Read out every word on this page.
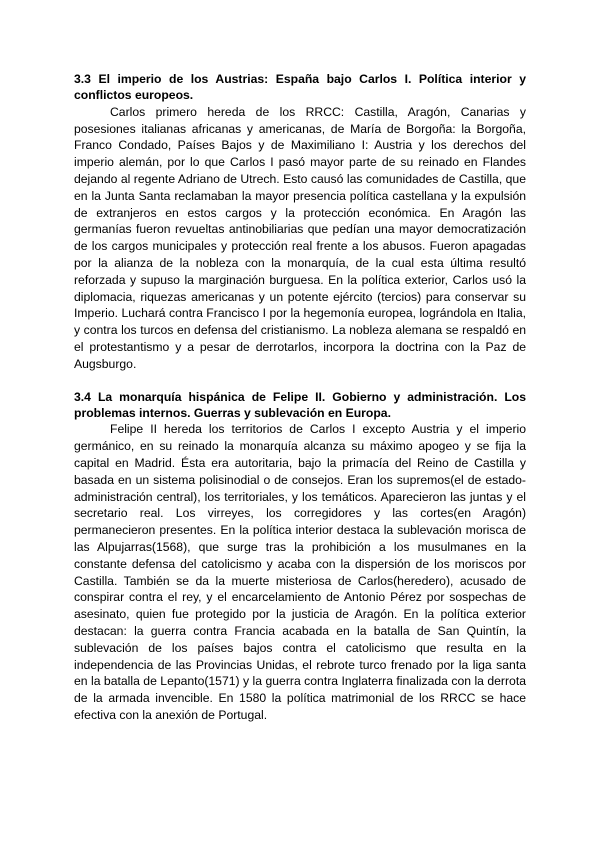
3.3 El imperio de los Austrias: España bajo Carlos I. Política interior y conflictos europeos.

Carlos primero hereda de los RRCC: Castilla, Aragón, Canarias y posesiones italianas africanas y americanas, de María de Borgoña: la Borgoña, Franco Condado, Países Bajos y de Maximiliano I: Austria y los derechos del imperio alemán, por lo que Carlos I pasó mayor parte de su reinado en Flandes dejando al regente Adriano de Utrech. Esto causó las comunidades de Castilla, que en la Junta Santa reclamaban la mayor presencia política castellana y la expulsión de extranjeros en estos cargos y la protección económica. En Aragón las germanías fueron revueltas antinobiliarias que pedían una mayor democratización de los cargos municipales y protección real frente a los abusos. Fueron apagadas por la alianza de la nobleza con la monarquía, de la cual esta última resultó reforzada y supuso la marginación burguesa. En la política exterior, Carlos usó la diplomacia, riquezas americanas y un potente ejército (tercios) para conservar su Imperio. Luchará contra Francisco I por la hegemonía europea, lográndola en Italia, y contra los turcos en defensa del cristianismo. La nobleza alemana se respaldó en el protestantismo y a pesar de derrotarlos, incorpora la doctrina con la Paz de Augsburgo.

3.4 La monarquía hispánica de Felipe II. Gobierno y administración. Los problemas internos. Guerras y sublevación en Europa.

Felipe II hereda los territorios de Carlos I excepto Austria y el imperio germánico, en su reinado la monarquía alcanza su máximo apogeo y se fija la capital en Madrid. Ésta era autoritaria, bajo la primacía del Reino de Castilla y basada en un sistema polisinodial o de consejos. Eran los supremos(el de estado-administración central), los territoriales, y los temáticos. Aparecieron las juntas y el secretario real. Los virreyes, los corregidores y las cortes(en Aragón) permanecieron presentes. En la política interior destaca la sublevación morisca de las Alpujarras(1568), que surge tras la prohibición a los musulmanes en la constante defensa del catolicismo y acaba con la dispersión de los moriscos por Castilla. También se da la muerte misteriosa de Carlos(heredero), acusado de conspirar contra el rey, y el encarcelamiento de Antonio Pérez por sospechas de asesinato, quien fue protegido por la justicia de Aragón. En la política exterior destacan: la guerra contra Francia acabada en la batalla de San Quintín, la sublevación de los países bajos contra el catolicismo que resulta en la independencia de las Provincias Unidas, el rebrote turco frenado por la liga santa en la batalla de Lepanto(1571) y la guerra contra Inglaterra finalizada con la derrota de la armada invencible. En 1580 la política matrimonial de los RRCC se hace efectiva con la anexión de Portugal.
